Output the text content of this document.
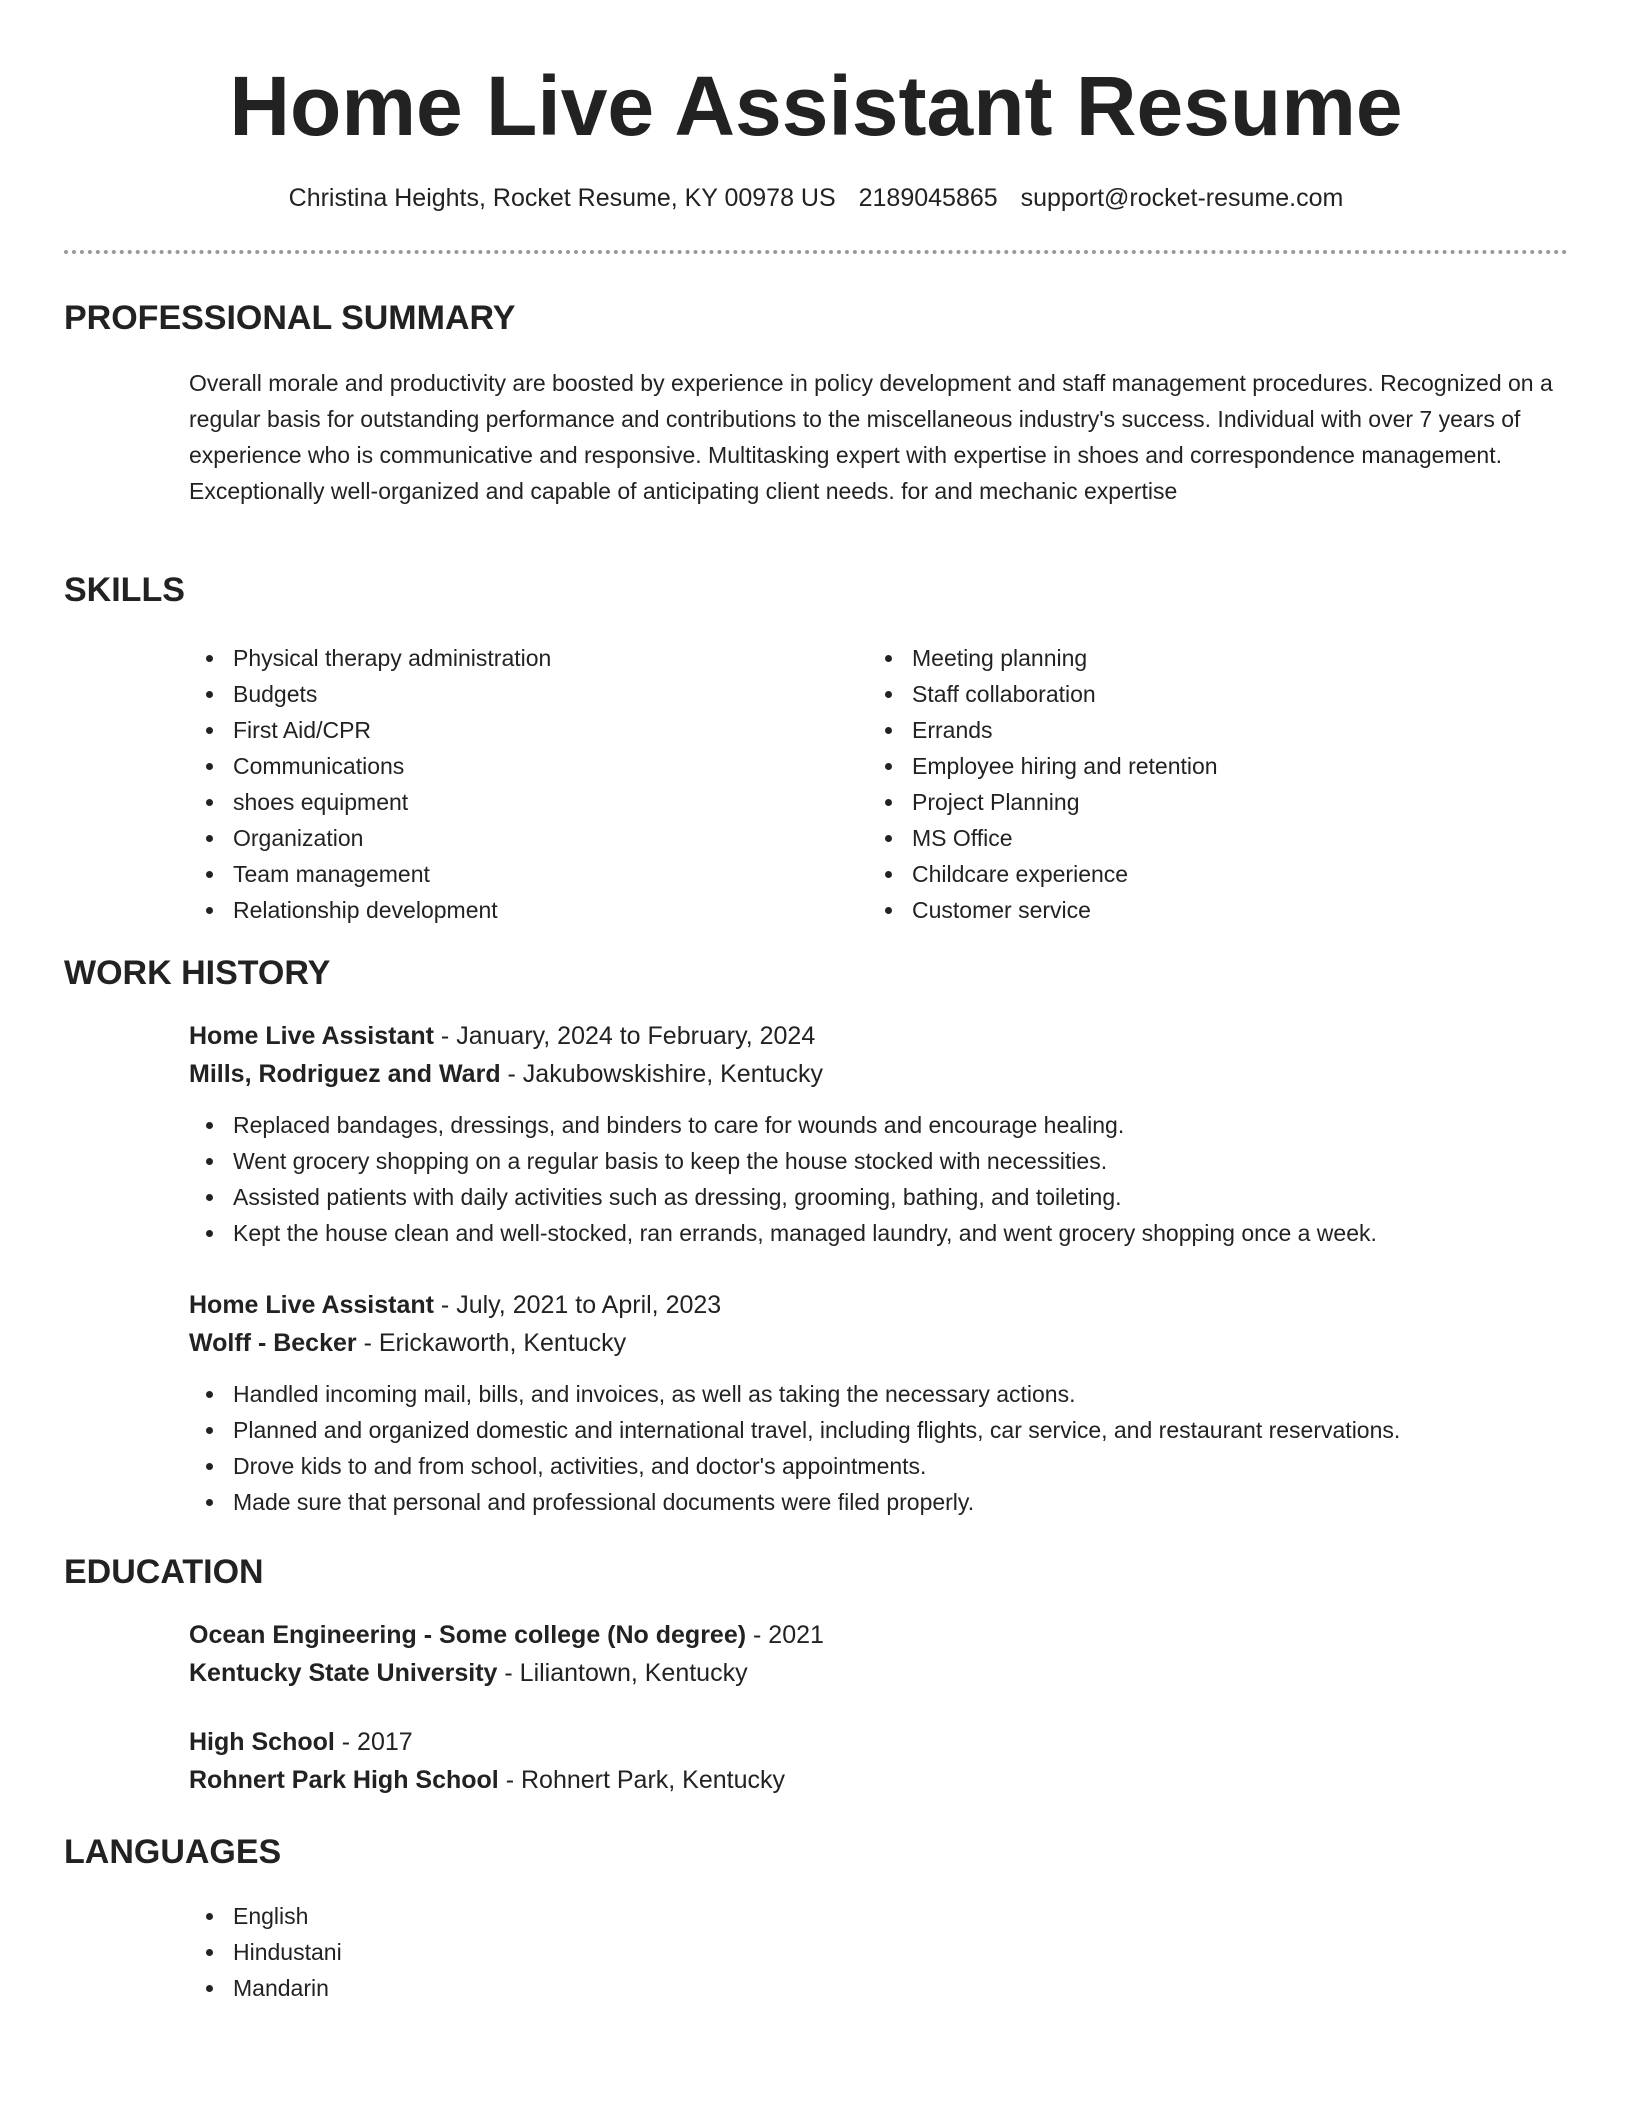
Home Live Assistant Resume
Christina Heights, Rocket Resume, KY 00978 US 2189045865 support@rocket-resume.com
PROFESSIONAL SUMMARY

Overall morale and productivity are boosted by experience in policy development and staff management procedures. Recognized on a regular basis for outstanding performance and contributions to the miscellaneous industry's success. Individual with over 7 years of experience who is communicative and responsive. Multitasking expert with expertise in shoes and correspondence management. Exceptionally well-organized and capable of anticipating client needs. for and mechanic expertise

SKILLS
Physical therapy administration
Budgets
First Aid/CPR
Communications
shoes equipment
Organization
Team management
Relationship development
Meeting planning
Staff collaboration
Errands
Employee hiring and retention
Project Planning
MS Office
Childcare experience
Customer service
WORK HISTORY
Home Live Assistant - January, 2024 to February, 2024
Mills, Rodriguez and Ward - Jakubowskishire, Kentucky
Replaced bandages, dressings, and binders to care for wounds and encourage healing.
Went grocery shopping on a regular basis to keep the house stocked with necessities.
Assisted patients with daily activities such as dressing, grooming, bathing, and toileting.
Kept the house clean and well-stocked, ran errands, managed laundry, and went grocery shopping once a week.
Home Live Assistant - July, 2021 to April, 2023
Wolff - Becker - Erickaworth, Kentucky
Handled incoming mail, bills, and invoices, as well as taking the necessary actions.
Planned and organized domestic and international travel, including flights, car service, and restaurant reservations.
Drove kids to and from school, activities, and doctor's appointments.
Made sure that personal and professional documents were filed properly.
EDUCATION
Ocean Engineering - Some college (No degree) - 2021
Kentucky State University - Liliantown, Kentucky
High School - 2017
Rohnert Park High School - Rohnert Park, Kentucky
LANGUAGES
English
Hindustani
Mandarin
